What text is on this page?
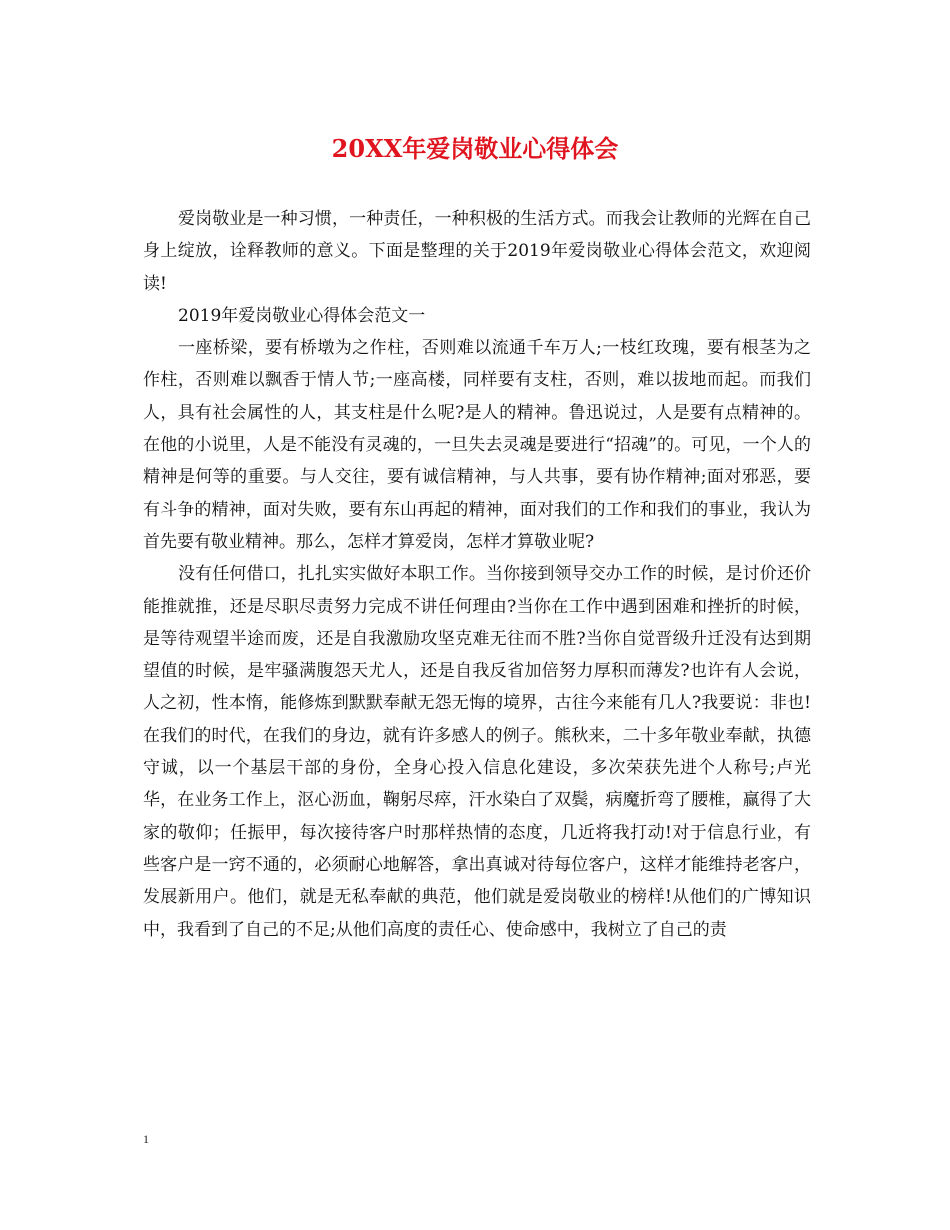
20XX年爱岗敬业心得体会

爱岗敬业是一种习惯，一种责任，一种积极的生活方式。而我会让教师的光辉在自己身上绽放，诠释教师的意义。下面是整理的关于2019年爱岗敬业心得体会范文，欢迎阅读!

2019年爱岗敬业心得体会范文一

一座桥梁，要有桥墩为之作柱，否则难以流通千车万人;一枝红玫瑰，要有根茎为之作柱，否则难以飘香于情人节;一座高楼，同样要有支柱，否则，难以拔地而起。而我们人，具有社会属性的人，其支柱是什么呢?是人的精神。鲁迅说过，人是要有点精神的。在他的小说里，人是不能没有灵魂的，一旦失去灵魂是要进行“招魂”的。可见，一个人的精神是何等的重要。与人交往，要有诚信精神，与人共事，要有协作精神;面对邪恶，要有斗争的精神，面对失败，要有东山再起的精神，面对我们的工作和我们的事业，我认为首先要有敬业精神。那么，怎样才算爱岗，怎样才算敬业呢?

没有任何借口，扎扎实实做好本职工作。当你接到领导交办工作的时候，是讨价还价能推就推，还是尽职尽责努力完成不讲任何理由?当你在工作中遇到困难和挫折的时候，是等待观望半途而废，还是自我激励攻坚克难无往而不胜?当你自觉晋级升迁没有达到期望值的时候，是牢骚满腹怨天尤人，还是自我反省加倍努力厚积而薄发?也许有人会说，人之初，性本惰，能修炼到默默奉献无怨无悔的境界，古往今来能有几人?我要说：非也!在我们的时代，在我们的身边，就有许多感人的例子。熊秋来，二十多年敬业奉献，执德守诚，以一个基层干部的身份，全身心投入信息化建设，多次荣获先进个人称号;卢光华，在业务工作上，沤心沥血，鞠躬尽瘁，汗水染白了双鬓，病魔折弯了腰椎，赢得了大家的敬仰；任振甲，每次接待客户时那样热情的态度，几近将我打动!对于信息行业，有些客户是一窍不通的，必须耐心地解答，拿出真诚对待每位客户，这样才能维持老客户，发展新用户。他们，就是无私奉献的典范，他们就是爱岗敬业的榜样!从他们的广博知识中，我看到了自己的不足;从他们高度的责任心、使命感中，我树立了自己的责

1
